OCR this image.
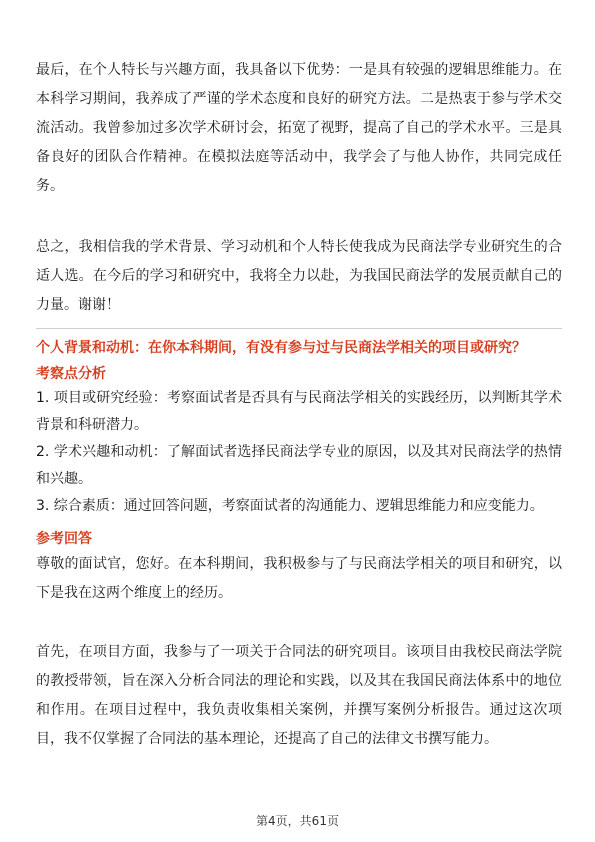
最后，在个人特长与兴趣方面，我具备以下优势：一是具有较强的逻辑思维能力。在本科学习期间，我养成了严谨的学术态度和良好的研究方法。二是热衷于参与学术交流活动。我曾参加过多次学术研讨会，拓宽了视野，提高了自己的学术水平。三是具备良好的团队合作精神。在模拟法庭等活动中，我学会了与他人协作，共同完成任务。

总之，我相信我的学术背景、学习动机和个人特长使我成为民商法学专业研究生的合适人选。在今后的学习和研究中，我将全力以赴，为我国民商法学的发展贡献自己的力量。谢谢！

个人背景和动机：在你本科期间，有没有参与过与民商法学相关的项目或研究？

考察点分析

1. 项目或研究经验：考察面试者是否具有与民商法学相关的实践经历，以判断其学术背景和科研潜力。

2. 学术兴趣和动机：了解面试者选择民商法学专业的原因，以及其对民商法学的热情和兴趣。

3. 综合素质：通过回答问题，考察面试者的沟通能力、逻辑思维能力和应变能力。

参考回答

尊敬的面试官，您好。在本科期间，我积极参与了与民商法学相关的项目和研究，以下是我在这两个维度上的经历。

首先，在项目方面，我参与了一项关于合同法的研究项目。该项目由我校民商法学院的教授带领，旨在深入分析合同法的理论和实践，以及其在我国民商法体系中的地位和作用。在项目过程中，我负责收集相关案例，并撰写案例分析报告。通过这次项目，我不仅掌握了合同法的基本理论，还提高了自己的法律文书撰写能力。

第4页，共61页
